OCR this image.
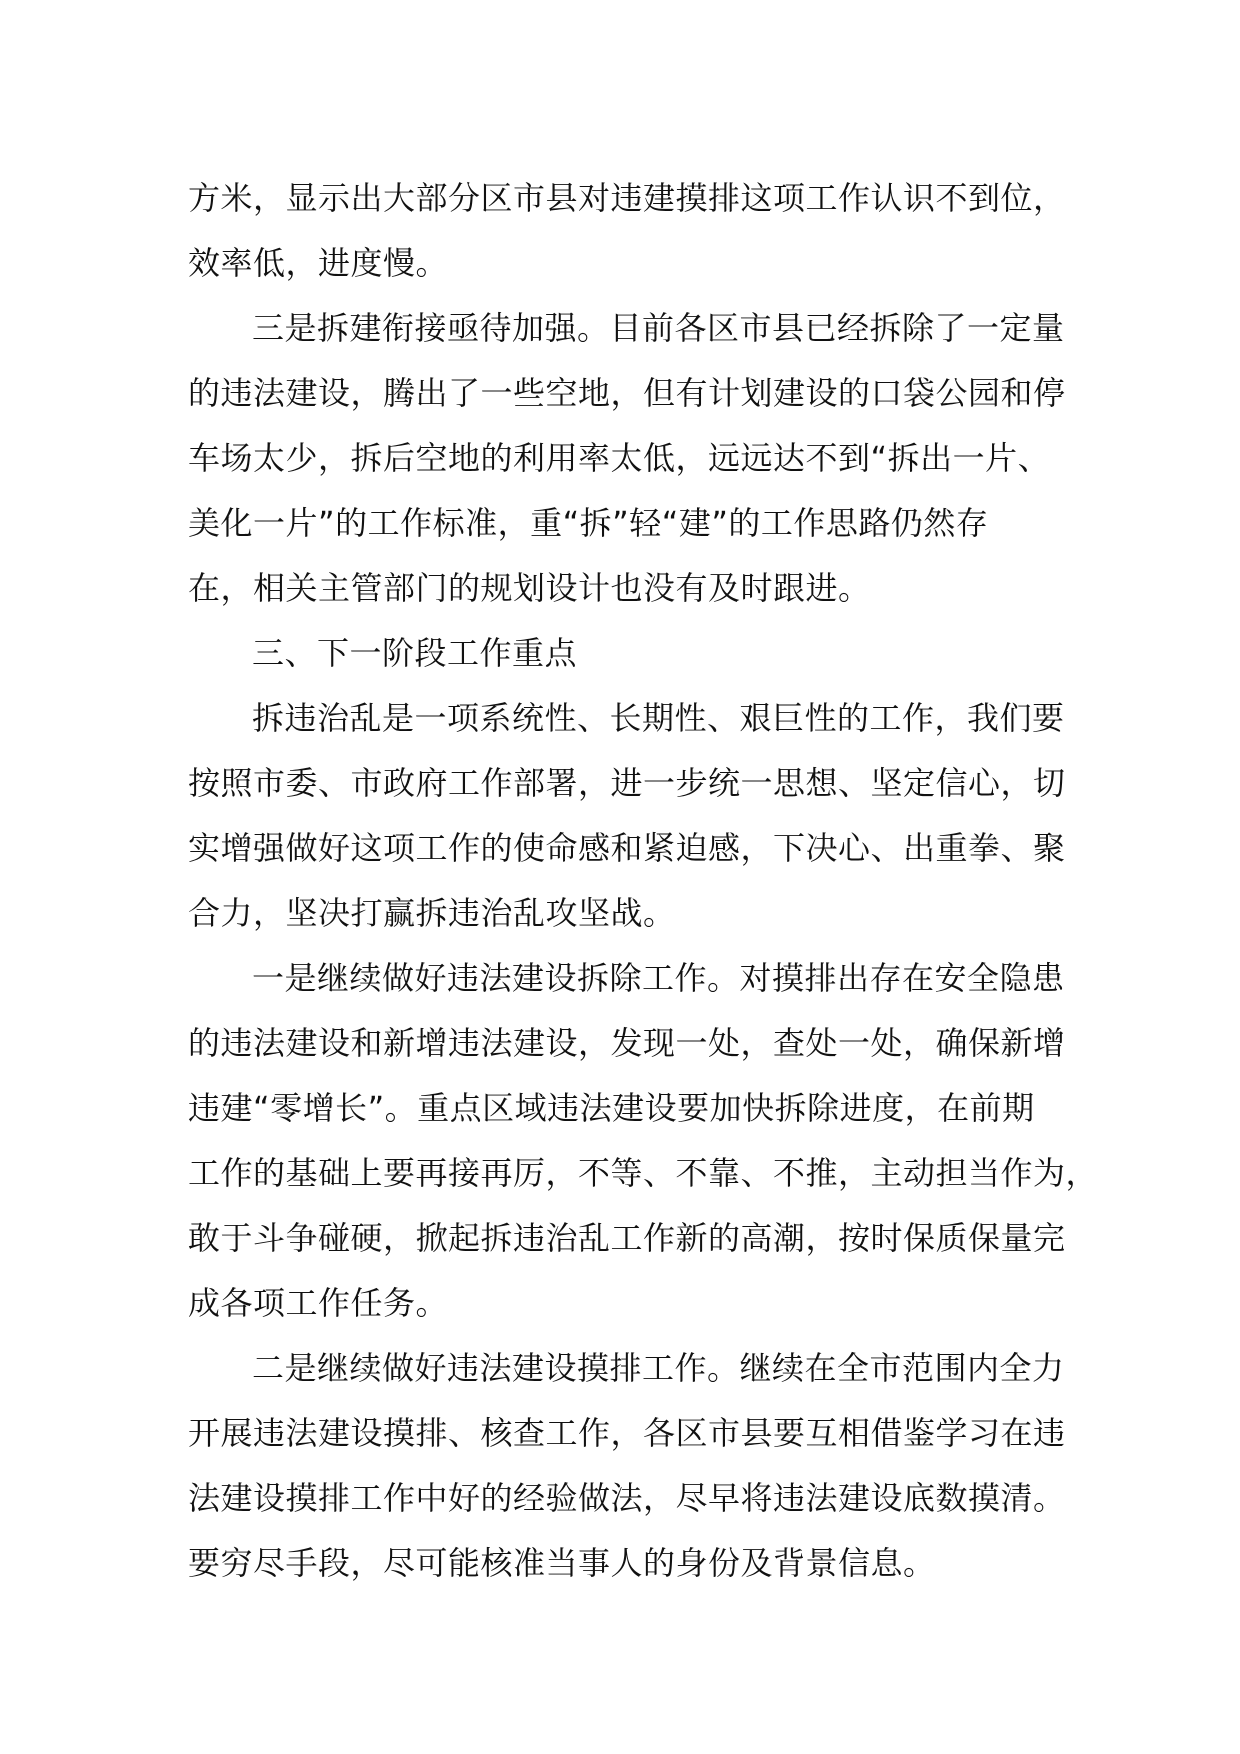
方米，显示出大部分区市县对违建摸排这项工作认识不到位，
效率低，进度慢。

三是拆建衔接亟待加强。目前各区市县已经拆除了一定量
的违法建设，腾出了一些空地，但有计划建设的口袋公园和停
车场太少，拆后空地的利用率太低，远远达不到“拆出一片、
美化一片”的工作标准，重“拆”轻“建”的工作思路仍然存
在，相关主管部门的规划设计也没有及时跟进。

三、下一阶段工作重点

拆违治乱是一项系统性、长期性、艰巨性的工作，我们要
按照市委、市政府工作部署，进一步统一思想、坚定信心，切
实增强做好这项工作的使命感和紧迫感，下决心、出重拳、聚
合力，坚决打赢拆违治乱攻坚战。

一是继续做好违法建设拆除工作。对摸排出存在安全隐患
的违法建设和新增违法建设，发现一处，查处一处，确保新增
违建“零增长”。重点区域违法建设要加快拆除进度，在前期
工作的基础上要再接再厉，不等、不靠、不推，主动担当作为，
敢于斗争碰硬，掀起拆违治乱工作新的高潮，按时保质保量完
成各项工作任务。

二是继续做好违法建设摸排工作。继续在全市范围内全力
开展违法建设摸排、核查工作，各区市县要互相借鉴学习在违
法建设摸排工作中好的经验做法，尽早将违法建设底数摸清。
要穷尽手段，尽可能核准当事人的身份及背景信息。
